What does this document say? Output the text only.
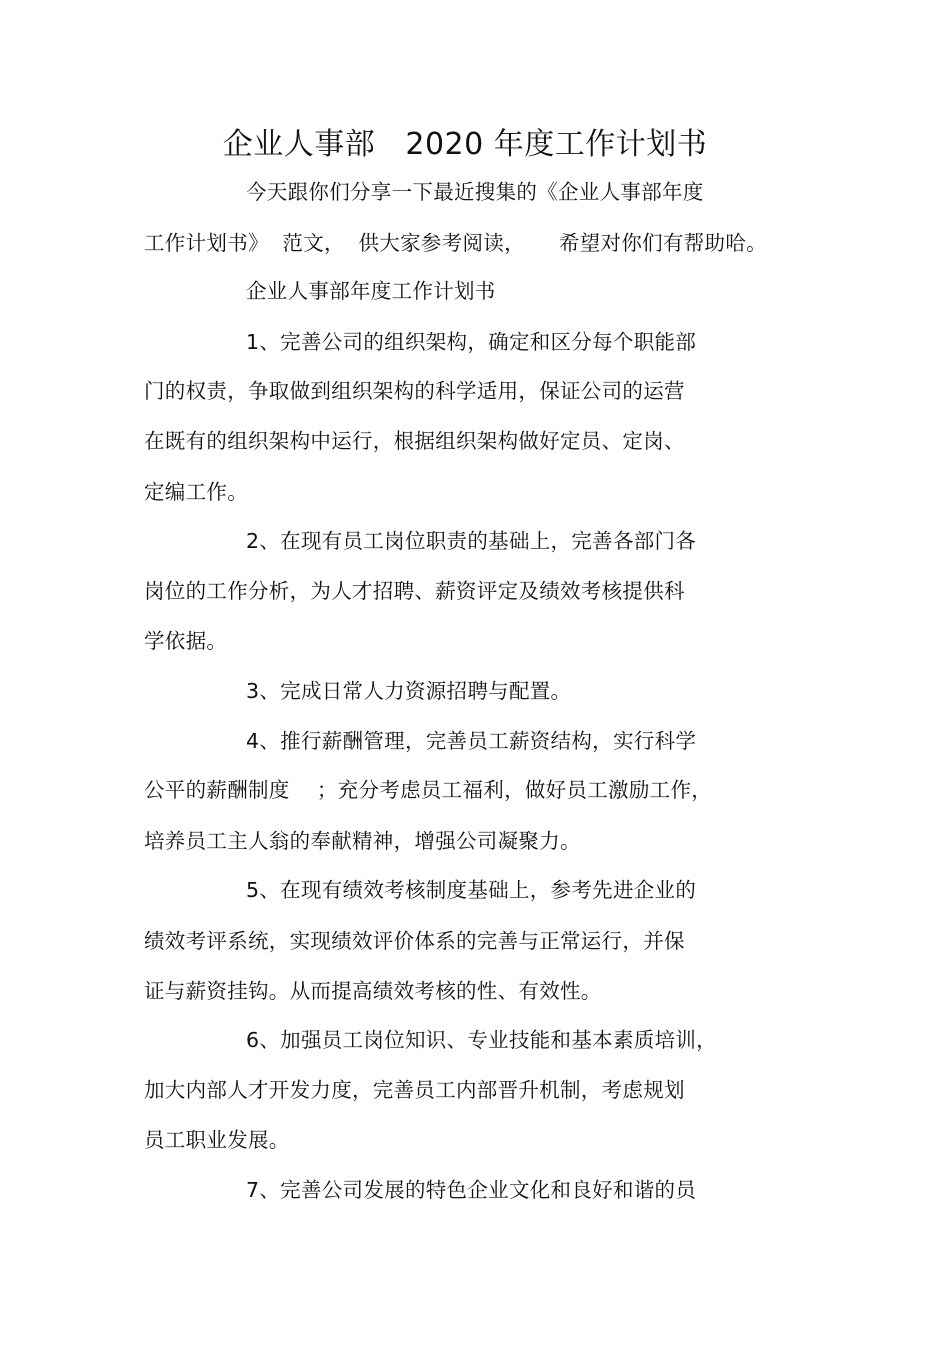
企业人事部   2020 年度工作计划书
今天跟你们分享一下最近搜集的《企业人事部年度
工作计划书》  范文，  供大家参考阅读，     希望对你们有帮助哈。
企业人事部年度工作计划书
1、完善公司的组织架构，确定和区分每个职能部
门的权责，争取做到组织架构的科学适用，保证公司的运营
在既有的组织架构中运行，根据组织架构做好定员、定岗、
定编工作。
2、在现有员工岗位职责的基础上，完善各部门各
岗位的工作分析，为人才招聘、薪资评定及绩效考核提供科
学依据。
3、完成日常人力资源招聘与配置。
4、推行薪酬管理，完善员工薪资结构，实行科学
公平的薪酬制度    ；充分考虑员工福利，做好员工激励工作，
培养员工主人翁的奉献精神，增强公司凝聚力。
5、在现有绩效考核制度基础上，参考先进企业的
绩效考评系统，实现绩效评价体系的完善与正常运行，并保
证与薪资挂钩。从而提高绩效考核的性、有效性。
6、加强员工岗位知识、专业技能和基本素质培训，
加大内部人才开发力度，完善员工内部晋升机制，考虑规划
员工职业发展。
7、完善公司发展的特色企业文化和良好和谐的员
